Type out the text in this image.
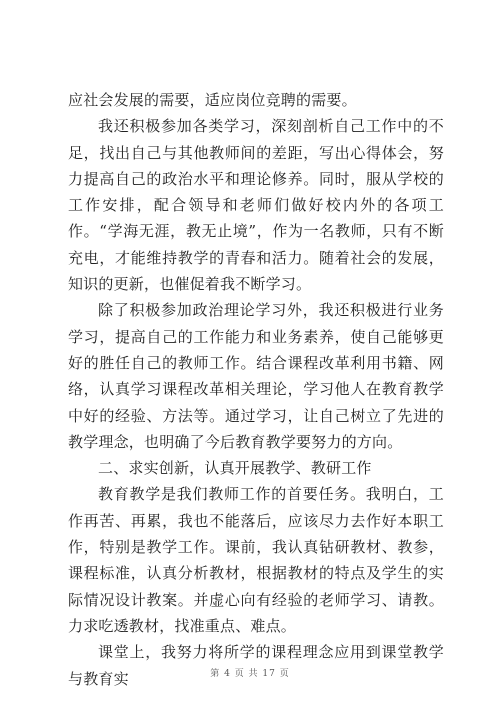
应社会发展的需要，适应岗位竞聘的需要。

我还积极参加各类学习，深刻剖析自己工作中的不足，找出自己与其他教师间的差距，写出心得体会，努力提高自己的政治水平和理论修养。同时，服从学校的工作安排，配合领导和老师们做好校内外的各项工作。“学海无涯，教无止境”，作为一名教师，只有不断充电，才能维持教学的青春和活力。随着社会的发展，知识的更新，也催促着我不断学习。

除了积极参加政治理论学习外，我还积极进行业务学习，提高自己的工作能力和业务素养，使自己能够更好的胜任自己的教师工作。结合课程改革利用书籍、网络，认真学习课程改革相关理论，学习他人在教育教学中好的经验、方法等。通过学习，让自己树立了先进的教学理念，也明确了今后教育教学要努力的方向。

二、求实创新，认真开展教学、教研工作

教育教学是我们教师工作的首要任务。我明白，工作再苦、再累，我也不能落后，应该尽力去作好本职工作，特别是教学工作。课前，我认真钻研教材、教参，课程标准，认真分析教材，根据教材的特点及学生的实际情况设计教案。并虚心向有经验的老师学习、请教。力求吃透教材，找准重点、难点。

课堂上，我努力将所学的课程理念应用到课堂教学与教育实	第 4 页 共 17 页
